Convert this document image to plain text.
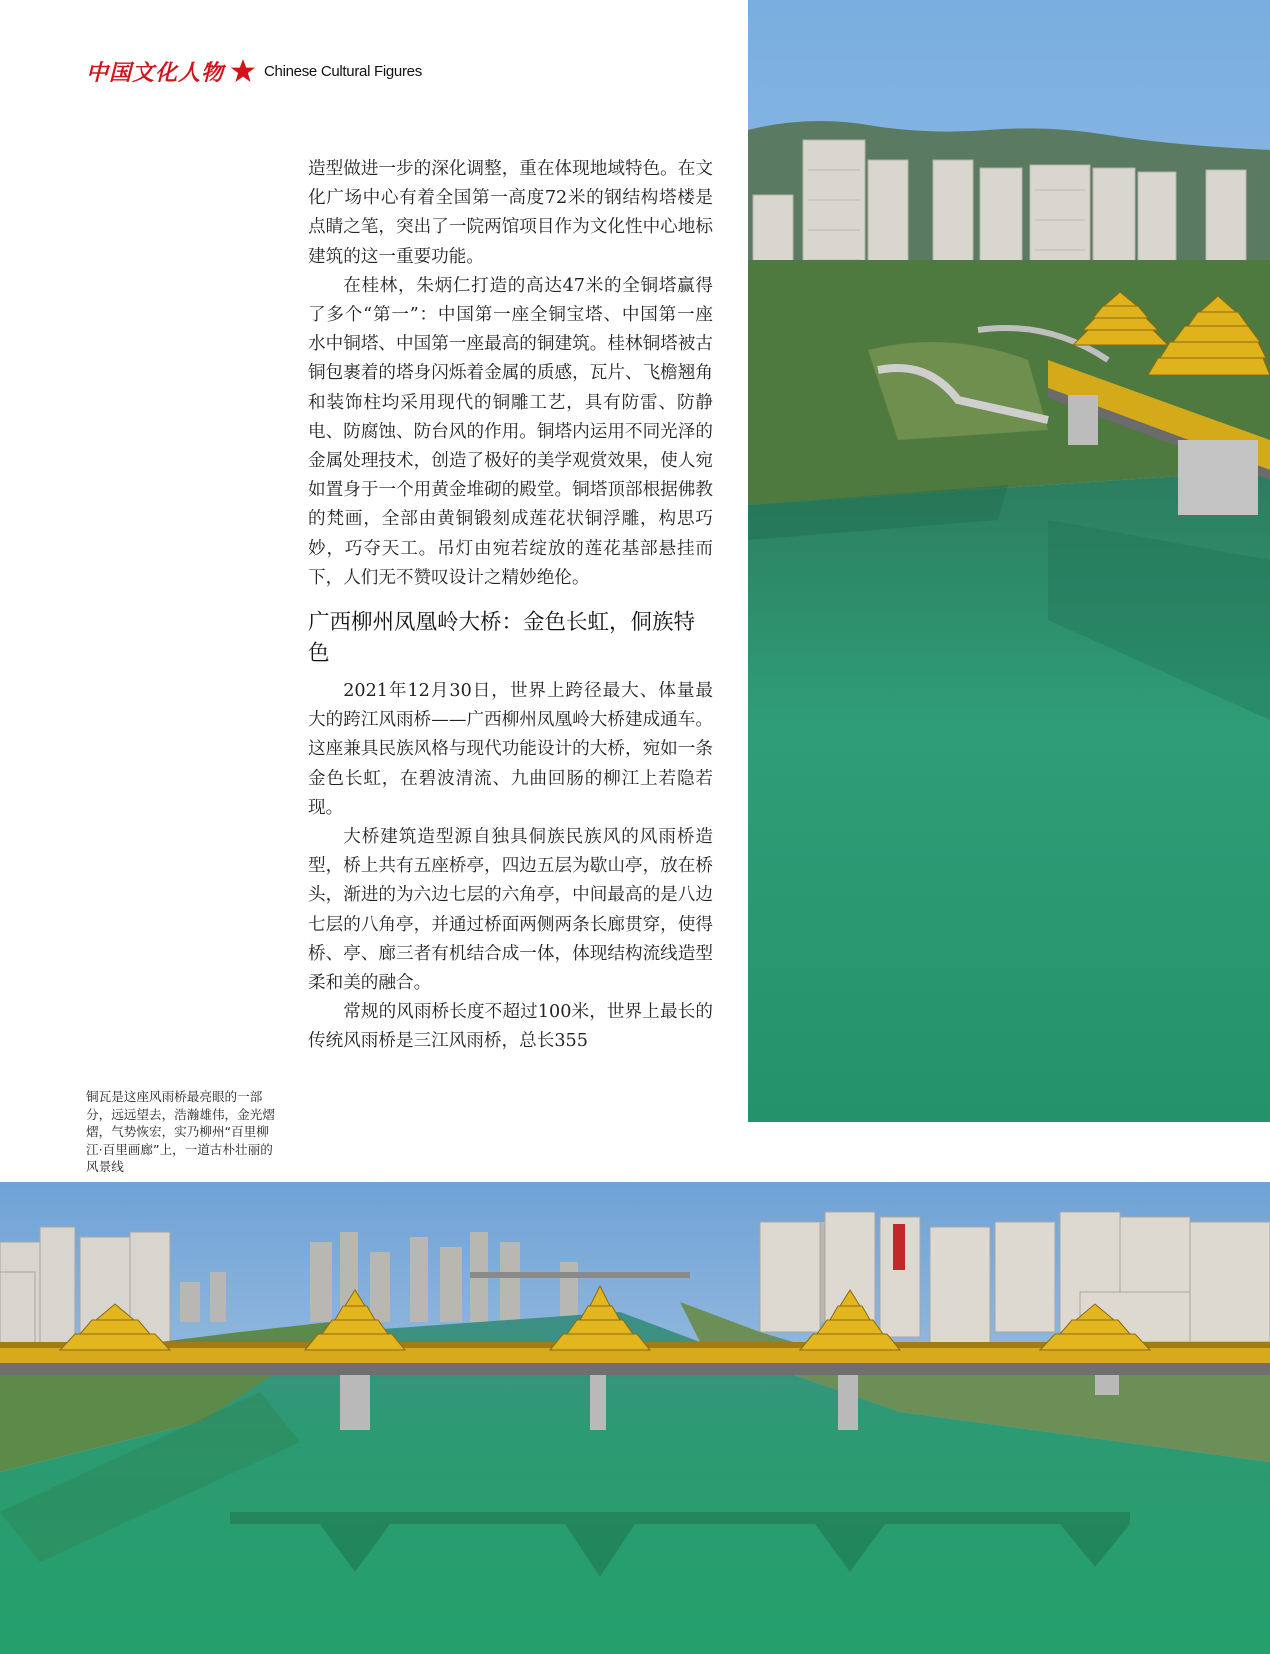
中国文化人物	Chinese Cultural Figures

造型做进一步的深化调整，重在体现地域特色。在文化广场中心有着全国第一高度72米的钢结构塔楼是点睛之笔，突出了一院两馆项目作为文化性中心地标建筑的这一重要功能。

在桂林，朱炳仁打造的高达47米的全铜塔赢得了多个“第一”：中国第一座全铜宝塔、中国第一座水中铜塔、中国第一座最高的铜建筑。桂林铜塔被古铜包裹着的塔身闪烁着金属的质感，瓦片、飞檐翘角和装饰柱均采用现代的铜雕工艺，具有防雷、防静电、防腐蚀、防台风的作用。铜塔内运用不同光泽的金属处理技术，创造了极好的美学观赏效果，使人宛如置身于一个用黄金堆砌的殿堂。铜塔顶部根据佛教的梵画，全部由黄铜锻刻成莲花状铜浮雕，构思巧妙，巧夺天工。吊灯由宛若绽放的莲花基部悬挂而下，人们无不赞叹设计之精妙绝伦。

广西柳州凤凰岭大桥：金色长虹，侗族特色

2021年12月30日，世界上跨径最大、体量最大的跨江风雨桥——广西柳州凤凰岭大桥建成通车。这座兼具民族风格与现代功能设计的大桥，宛如一条金色长虹，在碧波清流、九曲回肠的柳江上若隐若现。

大桥建筑造型源自独具侗族民族风的风雨桥造型，桥上共有五座桥亭，四边五层为歇山亭，放在桥头，渐进的为六边七层的六角亭，中间最高的是八边七层的八角亭，并通过桥面两侧两条长廊贯穿，使得桥、亭、廊三者有机结合成一体，体现结构流线造型柔和美的融合。

常规的风雨桥长度不超过100米，世界上最长的传统风雨桥是三江风雨桥，总长355

铜瓦是这座风雨桥最亮眼的一部分，远远望去，浩瀚雄伟，金光熠熠，气势恢宏，实乃柳州“百里柳江·百里画廊”上，一道古朴壮丽的风景线
